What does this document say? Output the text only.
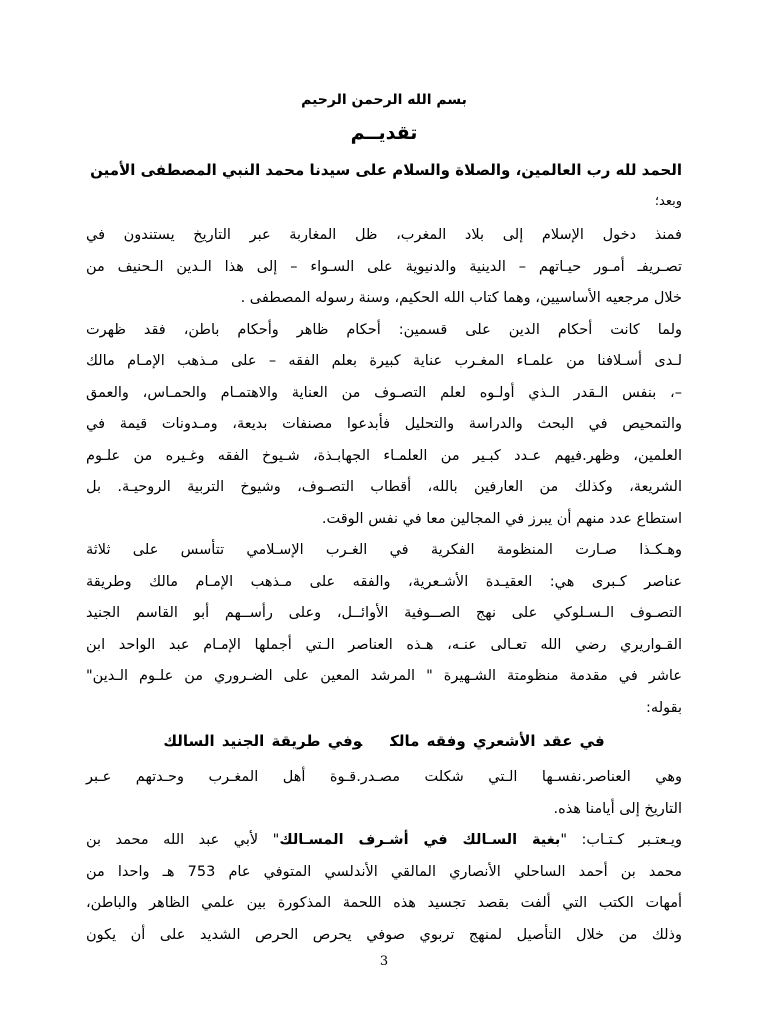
بسم الله الرحمن الرحيم
تقديــم
الحمد لله رب العالمين، والصلاة والسلام على سيدنا محمد النبي المصطفى الأمين
وبعد؛
فمنذ دخول الإسلام إلى بلاد المغرب، ظل المغاربة عبر التاريخ يستندون في
تصـريفـ أمـور حيـاتهم – الدينية والدنيوية على السـواء – إلى هذا الـدين الـحنيف من
خلال مرجعيه الأساسيين، وهما كتاب الله الحكيم، وسنة رسوله المصطفى .
ولما كانت أحكام الدين على قسمين: أحكام ظاهر وأحكام باطن، فقد ظهرت
لـدى أسـلافنا من علمـاء المغـرب عناية كبيرة بعلم الفقه – على مـذهب الإمـام مالك
–، بنفس الـقدر الـذي أولـوه لعلم التصـوف من العناية والاهتمـام والحمـاس، والعمق
والتمحيص في البحث والدراسة والتحليل فأبدعوا مصنفات بديعة، ومـدونات قيمة في
العلمين، وظهر.فيهم عـدد كبـير من العلمـاء الجهابـذة، شـيوخ الفقه وغـيره من علـوم
الشريعة، وكذلك من العارفين بالله، أقطاب التصـوف، وشيوخ التربية الروحيـة. بل
استطاع عدد منهم أن يبرز في المجالين معا في نفس الوقت.
وهـكـذا صـارت المنظومة الفكرية في الغـرب الإسـلامي تتأسس على ثلاثة
عناصر كـبرى هي: العقيـدة الأشـعرية، والفقه على مـذهب الإمـام مالك وطريقة
التصـوف الـسـلوكي على نهج الصــوفية الأوائــل، وعلى رأســهم أبو القاسم الجنيد
القـواريري رضي الله تعـالى عنـه، هـذه العناصر الـتي أجملها الإمـام عبد الواحد ابن
عاشر في مقدمة منظومتة الشـهيرة " المرشد المعين على الضـروري من علـوم الـدين"
بقوله:
في عقد الأشعري وفقه مالكوفي طريقة الجنيد السالك
وهي العناصر.نفسـها الـتي شكلت مصـدر.قـوة أهل المغـرب وحـدتهم عـبر
التاريخ إلى أيامنا هذه.
ويـعتـبر كـتـاب: "بغية السـالك في أشـرف المسـالك" لأبي عبد الله محمد بن
محمد بن أحمد الساحلي الأنصاري المالقي الأندلسي المتوفي عام 753 هـ واحدا من
أمهات الكتب التي ألفت بقصد تجسيد هذه اللحمة المذكورة بين علمي الظاهر والباطن،
وذلك من خلال التأصيل لمنهج تربوي صوفي يحرص الحرص الشديد على أن يكون
3
